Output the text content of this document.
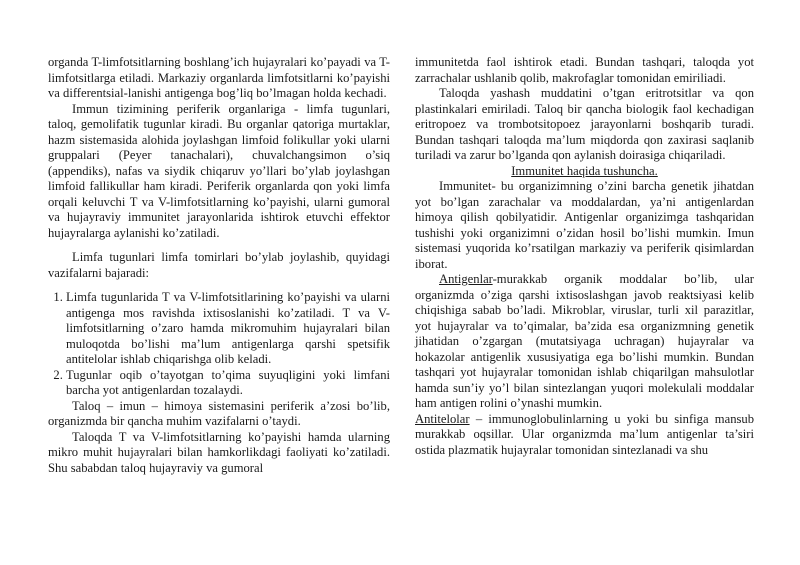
organda T-limfotsitlarning boshlang’ich hujayralari ko’payadi va T-limfotsitlarga etiladi. Markaziy organlarda limfotsitlarni ko’payishi va differentsial-lanishi antigenga bog’liq bo’lmagan holda kechadi.

Immun tizimining periferik organlariga - limfa tugunlari, taloq, gemolifatik tugunlar kiradi. Bu organlar qatoriga murtaklar, hazm sistemasida alohida joylashgan limfoid folikullar yoki ularni gruppalari (Peyer tanachalari), chuvalchangsimon o’siq (appendiks), nafas va siydik chiqaruv yo’llari bo’ylab joylashgan limfoid fallikullar ham kiradi. Periferik organlarda qon yoki limfa orqali keluvchi T va V-limfotsitlarning ko’payishi, ularni gumoral va hujayraviy immunitet jarayonlarida ishtirok etuvchi effektor hujayralarga aylanishi ko’zatiladi.

Limfa tugunlari limfa tomirlari bo’ylab joylashib, quyidagi vazifalarni bajaradi:

1. Limfa tugunlarida T va V-limfotsitlarining ko’payishi va ularni antigenga mos ravishda ixtisoslanishi ko’zatiladi. T va V-limfotsitlarning o’zaro hamda mikromuhim hujayralari bilan muloqotda bo’lishi ma’lum antigenlarga qarshi spetsifik antitelolar ishlab chiqarishga olib keladi.
2. Tugunlar oqib o’tayotgan to’qima suyuqligini yoki limfani barcha yot antigenlardan tozalaydi.

Taloq – imun – himoya sistemasini periferik a’zosi bo’lib, organizmda bir qancha muhim vazifalarni o’taydi.

Taloqda T va V-limfotsitlarning ko’payishi hamda ularning mikro muhit hujayralari bilan hamkorlikdagi faoliyati ko’zatiladi. Shu sababdan taloq hujayraviy va gumoral

immunitetda faol ishtirok etadi. Bundan tashqari, taloqda yot zarrachalar ushlanib qolib, makrofaglar tomonidan emiriliadi.

Taloqda yashash muddatini o’tgan eritrotsitlar va qon plastinkalari emiriladi. Taloq bir qancha biologik faol kechadigan eritropoez va trombotsitopoez jarayonlarni boshqarib turadi. Bundan tashqari taloqda ma’lum miqdorda qon zaxirasi saqlanib turiladi va zarur bo’lganda qon aylanish doirasiga chiqariladi.

Immunitet haqida tushuncha.

Immunitet- bu organizimning o’zini barcha genetik jihatdan yot bo’lgan zarachalar va moddalardan, ya’ni antigenlardan himoya qilish qobilyatidir. Antigenlar organizimga tashqaridan tushishi yoki organizimni o’zidan hosil bo’lishi mumkin. Imun sistemasi yuqorida ko’rsatilgan markaziy va periferik qisimlardan iborat.

Antigenlar-murakkab organik moddalar bo’lib, ular organizmda o’ziga qarshi ixtisoslashgan javob reaktsiyasi kelib chiqishiga sabab bo’ladi. Mikroblar, viruslar, turli xil parazitlar, yot hujayralar va to’qimalar, ba’zida esa organizmning genetik jihatidan o’zgargan (mutatsiyaga uchragan) hujayralar va hokazolar antigenlik xususiyatiga ega bo’lishi mumkin. Bundan tashqari yot hujayralar tomonidan ishlab chiqarilgan mahsulotlar hamda sun’iy yo’l bilan sintezlangan yuqori molekulali moddalar ham antigen rolini o’ynashi mumkin.

Antitelolar – immunoglobulinlarning u yoki bu sinfiga mansub murakkab oqsillar. Ular organizmda ma’lum antigenlar ta’siri ostida plazmatik hujayralar tomonidan sintezlanadi va shu
